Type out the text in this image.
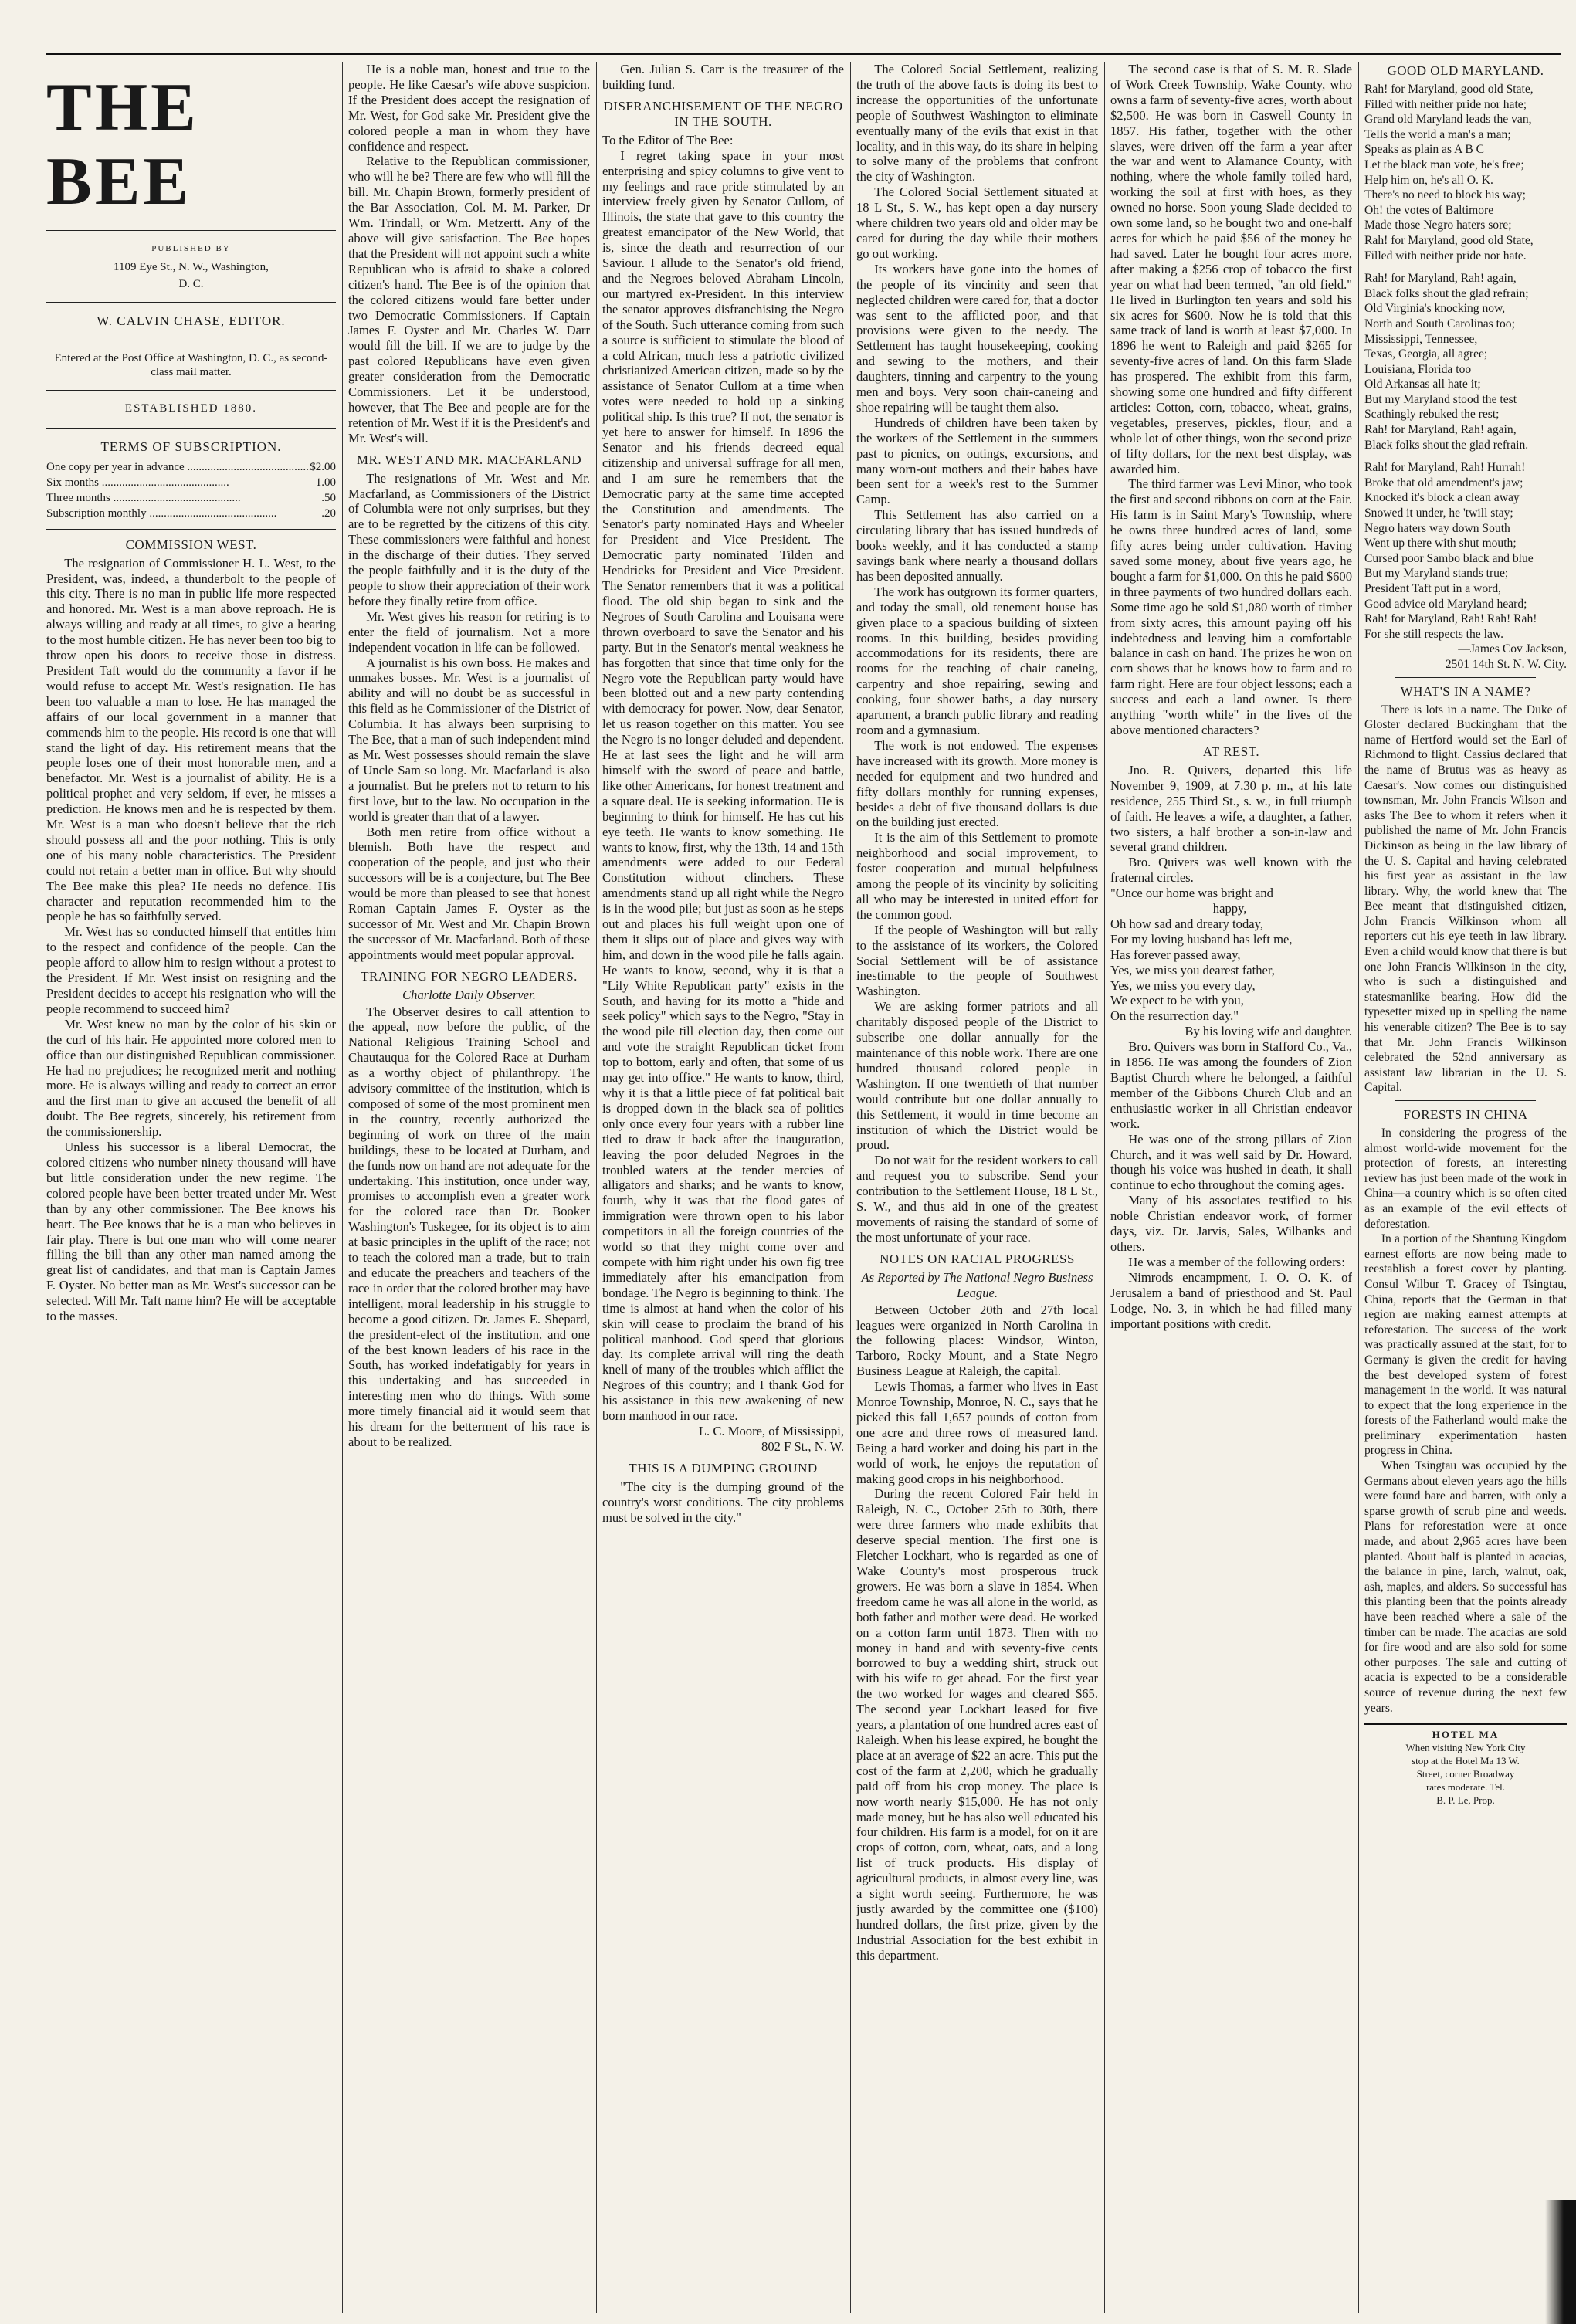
THE BEE
PUBLISHED BY
1109 Eye St., N. W., Washington,
D. C.
W. CALVIN CHASE, EDITOR.
Entered at the Post Office at Washington, D. C., as second-class mail matter.
ESTABLISHED 1880.
TERMS OF SUBSCRIPTION.
One copy per year in advance .....	$2.00
Six months .....	1.00
Three months .....	.50
Subscription monthly .....	.20
COMMISSION WEST.

The resignation of Commissioner H. L. West, to the President, was, indeed, a thunderbolt to the people of this city. There is no man in public life more respected and honored. Mr. West is a man above reproach. He is always willing and ready at all times, to give a hearing to the most humble citizen. He has never been too big to throw open his doors to receive those in distress. President Taft would do the community a favor if he would refuse to accept Mr. West's resignation. He has been too valuable a man to lose. He has managed the affairs of our local government in a manner that commends him to the people. His record is one that will stand the light of day. His retirement means that the people loses one of their most honorable men, and a benefactor. Mr. West is a journalist of ability. He is a political prophet and very seldom, if ever, he misses a prediction. He knows men and he is respected by them. Mr. West is a man who doesn't believe that the rich should possess all and the poor nothing. This is only one of his many noble characteristics. The President could not retain a better man in office. But why should The Bee make this plea? He needs no defence. His character and reputation recommended him to the people he has so faithfully served.

Mr. West has so conducted himself that entitles him to the respect and confidence of the people. Can the people afford to allow him to resign without a protest to the President. If Mr. West insist on resigning and the President decides to accept his resignation who will the people recommend to succeed him?

Mr. West knew no man by the color of his skin or the curl of his hair. He appointed more colored men to office than our distinguished Republican commissioner. He had no prejudices; he recognized merit and nothing more. He is always willing and ready to correct an error and the first man to give an accused the benefit of all doubt. The Bee regrets, sincerely, his retirement from the commissionership.

Unless his successor is a liberal Democrat, the colored citizens who number ninety thousand will have but little consideration under the new regime. The colored people have been better treated under Mr. West than by any other commissioner. The Bee knows his heart. The Bee knows that he is a man who believes in fair play. There is but one man who will come nearer filling the bill than any other man named among the great list of candidates, and that man is Captain James F. Oyster. No better man as Mr. West's successor can be selected. Will Mr. Taft name him? He will be acceptable to the masses.

He is a noble man, honest and true to the people. He like Caesar's wife above suspicion. If the President does accept the resignation of Mr. West, for God sake Mr. President give the colored people a man in whom they have confidence and respect.

Relative to the Republican commissioner, who will he be? There are few who will fill the bill. Mr. Chapin Brown, formerly president of the Bar Association, Col. M. M. Parker, Dr Wm. Trindall, or Wm. Metzertt. Any of the above will give satisfaction. The Bee hopes that the President will not appoint such a white Republican who is afraid to shake a colored citizen's hand. The Bee is of the opinion that the colored citizens would fare better under two Democratic Commissioners. If Captain James F. Oyster and Mr. Charles W. Darr would fill the bill. If we are to judge by the past colored Republicans have even given greater consideration from the Democratic Commissioners. Let it be understood, however, that The Bee and people are for the retention of Mr. West if it is the President's and Mr. West's will.

MR. WEST AND MR. MACFARLAND

The resignations of Mr. West and Mr. Macfarland, as Commissioners of the District of Columbia were not only surprises, but they are to be regretted by the citizens of this city. These commissioners were faithful and honest in the discharge of their duties. They served the people faithfully and it is the duty of the people to show their appreciation of their work before they finally retire from office.

Mr. West gives his reason for retiring is to enter the field of journalism. Not a more independent vocation in life can be followed.

A journalist is his own boss. He makes and unmakes bosses. Mr. West is a journalist of ability and will no doubt be as successful in this field as he Commissioner of the District of Columbia. It has always been surprising to The Bee, that a man of such independent mind as Mr. West possesses should remain the slave of Uncle Sam so long. Mr. Macfarland is also a journalist. But he prefers not to return to his first love, but to the law. No occupation in the world is greater than that of a lawyer.

Both men retire from office without a blemish. Both have the respect and cooperation of the people, and just who their successors will be is a conjecture, but The Bee would be more than pleased to see that honest Roman Captain James F. Oyster as the successor of Mr. West and Mr. Chapin Brown the successor of Mr. Macfarland. Both of these appointments would meet popular approval.

TRAINING FOR NEGRO LEADERS.
Charlotte Daily Observer.

The Observer desires to call attention to the appeal, now before the public, of the National Religious Training School and Chautauqua for the Colored Race at Durham as a worthy object of philanthropy. The advisory committee of the institution, which is composed of some of the most prominent men in the country, recently authorized the beginning of work on three of the main buildings, these to be located at Durham, and the funds now on hand are not adequate for the undertaking. This institution, once under way, promises to accomplish even a greater work for the colored race than Dr. Booker Washington's Tuskegee, for its object is to aim at basic principles in the uplift of the race; not to teach the colored man a trade, but to train and educate the preachers and teachers of the race in order that the colored brother may have intelligent, moral leadership in his struggle to become a good citizen. Dr. James E. Shepard, the president-elect of the institution, and one of the best known leaders of his race in the South, has worked indefatigably for years in this undertaking and has succeeded in interesting men who do things. With some more timely financial aid it would seem that his dream for the betterment of his race is about to be realized.

Gen. Julian S. Carr is the treasurer of the building fund.

DISFRANCHISEMENT OF THE NEGRO IN THE SOUTH.

To the Editor of The Bee:

I regret taking space in your most enterprising and spicy columns to give vent to my feelings and race pride stimulated by an interview freely given by Senator Cullom, of Illinois, the state that gave to this country the greatest emancipator of the New World, that is, since the death and resurrection of our Saviour. I allude to the Senator's old friend, and the Negroes beloved Abraham Lincoln, our martyred ex-President. In this interview the senator approves disfranchising the Negro of the South. Such utterance coming from such a source is sufficient to stimulate the blood of a cold African, much less a patriotic civilized christianized American citizen, made so by the assistance of Senator Cullom at a time when votes were needed to hold up a sinking political ship. Is this true? If not, the senator is yet here to answer for himself. In 1896 the Senator and his friends decreed equal citizenship and universal suffrage for all men, and I am sure he remembers that the Democratic party at the same time accepted the Constitution and amendments. The Senator's party nominated Hays and Wheeler for President and Vice President. The Democratic party nominated Tilden and Hendricks for President and Vice President. The Senator remembers that it was a political flood. The old ship began to sink and the Negroes of South Carolina and Louisana were thrown overboard to save the Senator and his party. But in the Senator's mental weakness he has forgotten that since that time only for the Negro vote the Republican party would have been blotted out and a new party contending with democracy for power. Now, dear Senator, let us reason together on this matter. You see the Negro is no longer deluded and dependent. He at last sees the light and he will arm himself with the sword of peace and battle, like other Americans, for honest treatment and a square deal. He is seeking information. He is beginning to think for himself. He has cut his eye teeth. He wants to know something. He wants to know, first, why the 13th, 14 and 15th amendments were added to our Federal Constitution without clinchers. These amendments stand up all right while the Negro is in the wood pile; but just as soon as he steps out and places his full weight upon one of them it slips out of place and gives way with him, and down in the wood pile he falls again. He wants to know, second, why it is that a "Lily White Republican party" exists in the South, and having for its motto a "hide and seek policy" which says to the Negro, "Stay in the wood pile till election day, then come out and vote the straight Republican ticket from top to bottom, early and often, that some of us may get into office." He wants to know, third, why it is that a little piece of fat political bait is dropped down in the black sea of politics only once every four years with a rubber line tied to draw it back after the inauguration, leaving the poor deluded Negroes in the troubled waters at the tender mercies of alligators and sharks; and he wants to know, fourth, why it was that the flood gates of immigration were thrown open to his labor competitors in all the foreign countries of the world so that they might come over and compete with him right under his own fig tree immediately after his emancipation from bondage. The Negro is beginning to think. The time is almost at hand when the color of his skin will cease to proclaim the brand of his political manhood. God speed that glorious day. Its complete arrival will ring the death knell of many of the troubles which afflict the Negroes of this country; and I thank God for his assistance in this new awakening of new born manhood in our race.

L. C. Moore, of Mississippi,

802 F St., N. W.

THIS IS A DUMPING GROUND

"The city is the dumping ground of the country's worst conditions. The city problems must be solved in the city."

The Colored Social Settlement, realizing the truth of the above facts is doing its best to increase the opportunities of the unfortunate people of Southwest Washington to eliminate eventually many of the evils that exist in that locality, and in this way, do its share in helping to solve many of the problems that confront the city of Washington.

The Colored Social Settlement situated at 18 L St., S. W., has kept open a day nursery where children two years old and older may be cared for during the day while their mothers go out working.

Its workers have gone into the homes of the people of its vincinity and seen that neglected children were cared for, that a doctor was sent to the afflicted poor, and that provisions were given to the needy. The Settlement has taught housekeeping, cooking and sewing to the mothers, and their daughters, tinning and carpentry to the young men and boys. Very soon chair-caneing and shoe repairing will be taught them also.

Hundreds of children have been taken by the workers of the Settlement in the summers past to picnics, on outings, excursions, and many worn-out mothers and their babes have been sent for a week's rest to the Summer Camp.

This Settlement has also carried on a circulating library that has issued hundreds of books weekly, and it has conducted a stamp savings bank where nearly a thousand dollars has been deposited annually.

The work has outgrown its former quarters, and today the small, old tenement house has given place to a spacious building of sixteen rooms. In this building, besides providing accommodations for its residents, there are rooms for the teaching of chair caneing, carpentry and shoe repairing, sewing and cooking, four shower baths, a day nursery apartment, a branch public library and reading room and a gymnasium.

The work is not endowed. The expenses have increased with its growth. More money is needed for equipment and two hundred and fifty dollars monthly for running expenses, besides a debt of five thousand dollars is due on the building just erected.

It is the aim of this Settlement to promote neighborhood and social improvement, to foster cooperation and mutual helpfulness among the people of its vincinity by soliciting all who may be interested in united effort for the common good.

If the people of Washington will but rally to the assistance of its workers, the Colored Social Settlement will be of assistance inestimable to the people of Southwest Washington.

We are asking former patriots and all charitably disposed people of the District to subscribe one dollar annually for the maintenance of this noble work. There are one hundred thousand colored people in Washington. If one twentieth of that number would contribute but one dollar annually to this Settlement, it would in time become an institution of which the District would be proud.

Do not wait for the resident workers to call and request you to subscribe. Send your contribution to the Settlement House, 18 L St., S. W., and thus aid in one of the greatest movements of raising the standard of some of the most unfortunate of your race.

NOTES ON RACIAL PROGRESS
As Reported by The National Negro Business League.

Between October 20th and 27th local leagues were organized in North Carolina in the following places: Windsor, Winton, Tarboro, Rocky Mount, and a State Negro Business League at Raleigh, the capital.

Lewis Thomas, a farmer who lives in East Monroe Township, Monroe, N. C., says that he picked this fall 1,657 pounds of cotton from one acre and three rows of measured land. Being a hard worker and doing his part in the world of work, he enjoys the reputation of making good crops in his neighborhood.

During the recent Colored Fair held in Raleigh, N. C., October 25th to 30th, there were three farmers who made exhibits that deserve special mention. The first one is Fletcher Lockhart, who is regarded as one of Wake County's most prosperous truck growers. He was born a slave in 1854. When freedom came he was all alone in the world, as both father and mother were dead. He worked on a cotton farm until 1873. Then with no money in hand and with seventy-five cents borrowed to buy a wedding shirt, struck out with his wife to get ahead. For the first year the two worked for wages and cleared $65. The second year Lockhart leased for five years, a plantation of one hundred acres east of Raleigh. When his lease expired, he bought the place at an average of $22 an acre. This put the cost of the farm at 2,200, which he gradually paid off from his crop money. The place is now worth nearly $15,000. He has not only made money, but he has also well educated his four children. His farm is a model, for on it are crops of cotton, corn, wheat, oats, and a long list of truck products. His display of agricultural products, in almost every line, was a sight worth seeing. Furthermore, he was justly awarded by the committee one ($100) hundred dollars, the first prize, given by the Industrial Association for the best exhibit in this department.

The second case is that of S. M. R. Slade of Work Creek Township, Wake County, who owns a farm of seventy-five acres, worth about $2,500. He was born in Caswell County in 1857. His father, together with the other slaves, were driven off the farm a year after the war and went to Alamance County, with nothing, where the whole family toiled hard, working the soil at first with hoes, as they owned no horse. Soon young Slade decided to own some land, so he bought two and one-half acres for which he paid $56 of the money he had saved. Later he bought four acres more, after making a $256 crop of tobacco the first year on what had been termed, "an old field." He lived in Burlington ten years and sold his six acres for $600. Now he is told that this same track of land is worth at least $7,000. In 1896 he went to Raleigh and paid $265 for seventy-five acres of land. On this farm Slade has prospered. The exhibit from this farm, showing some one hundred and fifty different articles: Cotton, corn, tobacco, wheat, grains, vegetables, preserves, pickles, flour, and a whole lot of other things, won the second prize of fifty dollars, for the next best display, was awarded him.

The third farmer was Levi Minor, who took the first and second ribbons on corn at the Fair. His farm is in Saint Mary's Township, where he owns three hundred acres of land, some fifty acres being under cultivation. Having saved some money, about five years ago, he bought a farm for $1,000. On this he paid $600 in three payments of two hundred dollars each. Some time ago he sold $1,080 worth of timber from sixty acres, this amount paying off his indebtedness and leaving him a comfortable balance in cash on hand. The prizes he won on corn shows that he knows how to farm and to farm right. Here are four object lessons; each a success and each a land owner. Is there anything "worth while" in the lives of the above mentioned characters?

AT REST.

Jno. R. Quivers, departed this life November 9, 1909, at 7.30 p. m., at his late residence, 255 Third St., s. w., in full triumph of faith. He leaves a wife, a daughter, a father, two sisters, a half brother a son-in-law and several grand children.

Bro. Quivers was well known with the fraternal circles.

"Once our home was bright and

happy,

Oh how sad and dreary today,

For my loving husband has left me,

Has forever passed away,

Yes, we miss you dearest father,

Yes, we miss you every day,

We expect to be with you,

On the resurrection day."

By his loving wife and daughter.

Bro. Quivers was born in Stafford Co., Va., in 1856. He was among the founders of Zion Baptist Church where he belonged, a faithful member of the Gibbons Church Club and an enthusiastic worker in all Christian endeavor work.

He was one of the strong pillars of Zion Church, and it was well said by Dr. Howard, though his voice was hushed in death, it shall continue to echo throughout the coming ages.

Many of his associates testified to his noble Christian endeavor work, of former days, viz. Dr. Jarvis, Sales, Wilbanks and others.

He was a member of the following orders:

Nimrods encampment, I. O. O. K. of Jerusalem a band of priesthood and St. Paul Lodge, No. 3, in which he had filled many important positions with credit.

GOOD OLD MARYLAND.

Rah! for Maryland, good old State,

Filled with neither pride nor hate;

Grand old Maryland leads the van,

Tells the world a man's a man;

Speaks as plain as A B C

Let the black man vote, he's free;

Help him on, he's all O. K.

There's no need to block his way;

Oh! the votes of Baltimore

Made those Negro haters sore;

Rah! for Maryland, good old State,

Filled with neither pride nor hate.

Rah! for Maryland, Rah! again,

Black folks shout the glad refrain;

Old Virginia's knocking now,

North and South Carolinas too;

Mississippi, Tennessee,

Texas, Georgia, all agree;

Louisiana, Florida too

Old Arkansas all hate it;

But my Maryland stood the test

Scathingly rebuked the rest;

Rah! for Maryland, Rah! again,

Black folks shout the glad refrain.

Rah! for Maryland, Rah! Hurrah!

Broke that old amendment's jaw;

Knocked it's block a clean away

Snowed it under, he 'twill stay;

Negro haters way down South

Went up there with shut mouth;

Cursed poor Sambo black and blue

But my Maryland stands true;

President Taft put in a word,

Good advice old Maryland heard;

Rah! for Maryland, Rah! Rah! Rah!

For she still respects the law.

—James Cov Jackson,

2501 14th St. N. W. City.

WHAT'S IN A NAME?

There is lots in a name. The Duke of Gloster declared Buckingham that the name of Hertford would set the Earl of Richmond to flight. Cassius declared that the name of Brutus was as heavy as Caesar's. Now comes our distinguished townsman, Mr. John Francis Wilson and asks The Bee to whom it refers when it published the name of Mr. John Francis Dickinson as being in the law library of the U. S. Capital and having celebrated his first year as assistant in the law library. Why, the world knew that The Bee meant that distinguished citizen, John Francis Wilkinson whom all reporters cut his eye teeth in law library. Even a child would know that there is but one John Francis Wilkinson in the city, who is such a distinguished and statesmanlike bearing. How did the typesetter mixed up in spelling the name his venerable citizen? The Bee is to say that Mr. John Francis Wilkinson celebrated the 52nd anniversary as assistant law librarian in the U. S. Capital.

FORESTS IN CHINA

In considering the progress of the almost world-wide movement for the protection of forests, an interesting review has just been made of the work in China—a country which is so often cited as an example of the evil effects of deforestation.

In a portion of the Shantung Kingdom earnest efforts are now being made to reestablish a forest cover by planting. Consul Wilbur T. Gracey of Tsingtau, China, reports that the German in that region are making earnest attempts at reforestation. The success of the work was practically assured at the start, for to Germany is given the credit for having the best developed system of forest management in the world. It was natural to expect that the long experience in the forests of the Fatherland would make the preliminary experimentation hasten progress in China.

When Tsingtau was occupied by the Germans about eleven years ago the hills were found bare and barren, with only a sparse growth of scrub pine and weeds. Plans for reforestation were at once made, and about 2,965 acres have been planted. About half is planted in acacias, the balance in pine, larch, walnut, oak, ash, maples, and alders. So successful has this planting been that the points already have been reached where a sale of the timber can be made. The acacias are sold for fire wood and are also sold for some other purposes. The sale and cutting of acacia is expected to be a considerable source of revenue during the next few years.

HOTEL MA
When visiting New York City
stop at the Hotel Ma 13 W.
Street, corner Broadway
rates moderate. Tel.
B. P. Le, Prop.
